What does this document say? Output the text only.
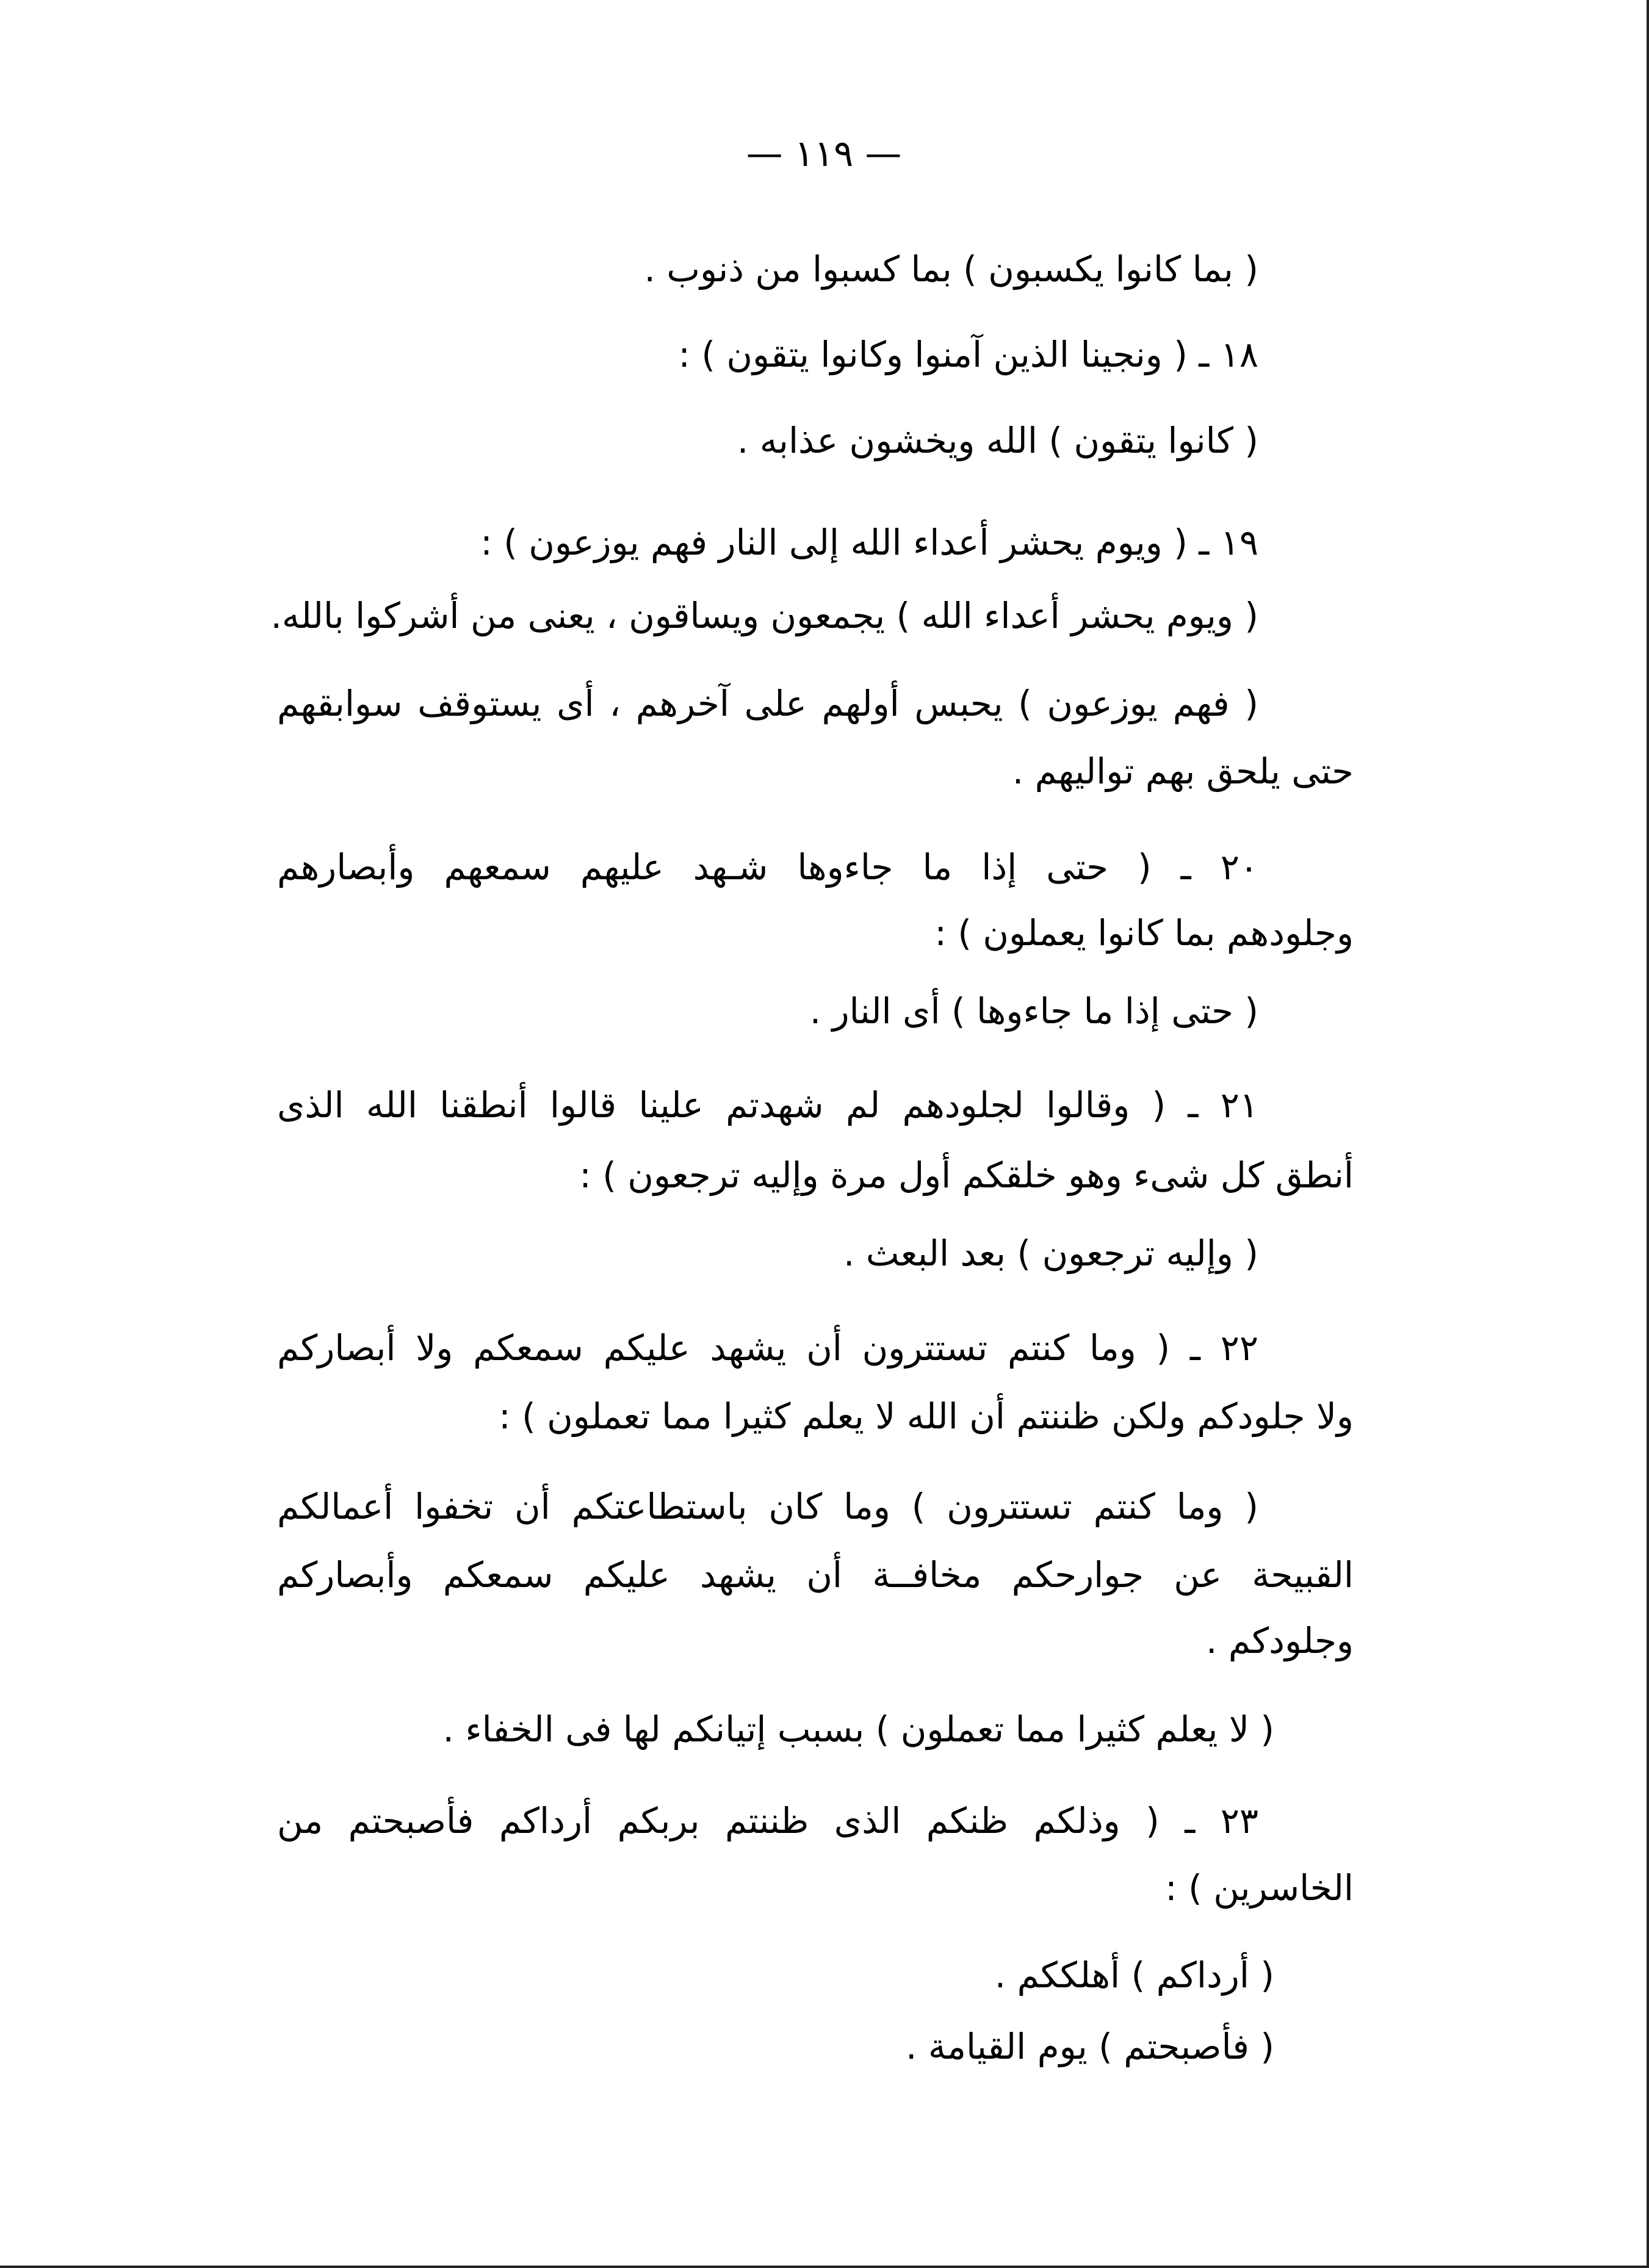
— ١١٩ —
( بما كانوا يكسبون ) بما كسبوا من ذنوب .
١٨ ـ ( ونجينا الذين آمنوا وكانوا يتقون ) :
( كانوا يتقون ) الله ويخشون عذابه .
١٩ ـ ( ويوم يحشر أعداء الله إلى النار فهم يوزعون ) :
( ويوم يحشر أعداء الله ) يجمعون ويساقون ، يعنى من أشركوا بالله.
( فهم يوزعون ) يحبس أولهم على آخرهم ، أى يستوقف سوابقهم
حتى يلحق بهم تواليهم .
٢٠ ـ ( حتى إذا ما جاءوها شـهد عليهم سمعهم وأبصارهم
وجلودهم بما كانوا يعملون ) :
( حتى إذا ما جاءوها ) أى النار .
٢١ ـ ( وقالوا لجلودهم لم شهدتم علينا قالوا أنطقنا الله الذى
أنطق كل شىء وهو خلقكم أول مرة وإليه ترجعون ) :
( وإليه ترجعون ) بعد البعث .
٢٢ ـ ( وما كنتم تستترون أن يشهد عليكم سمعكم ولا أبصاركم
ولا جلودكم ولكن ظننتم أن الله لا يعلم كثيرا مما تعملون ) :
( وما كنتم تستترون ) وما كان باستطاعتكم أن تخفوا أعمالكم
القبيحة عن جوارحكم مخافــة أن يشهد عليكم سمعكم وأبصاركم
وجلودكم .
( لا يعلم كثيرا مما تعملون ) بسبب إتيانكم لها فى الخفاء .
٢٣ ـ ( وذلكم ظنكم الذى ظننتم بربكم أرداكم فأصبحتم من
الخاسرين ) :
( أرداكم ) أهلككم .
( فأصبحتم ) يوم القيامة .
